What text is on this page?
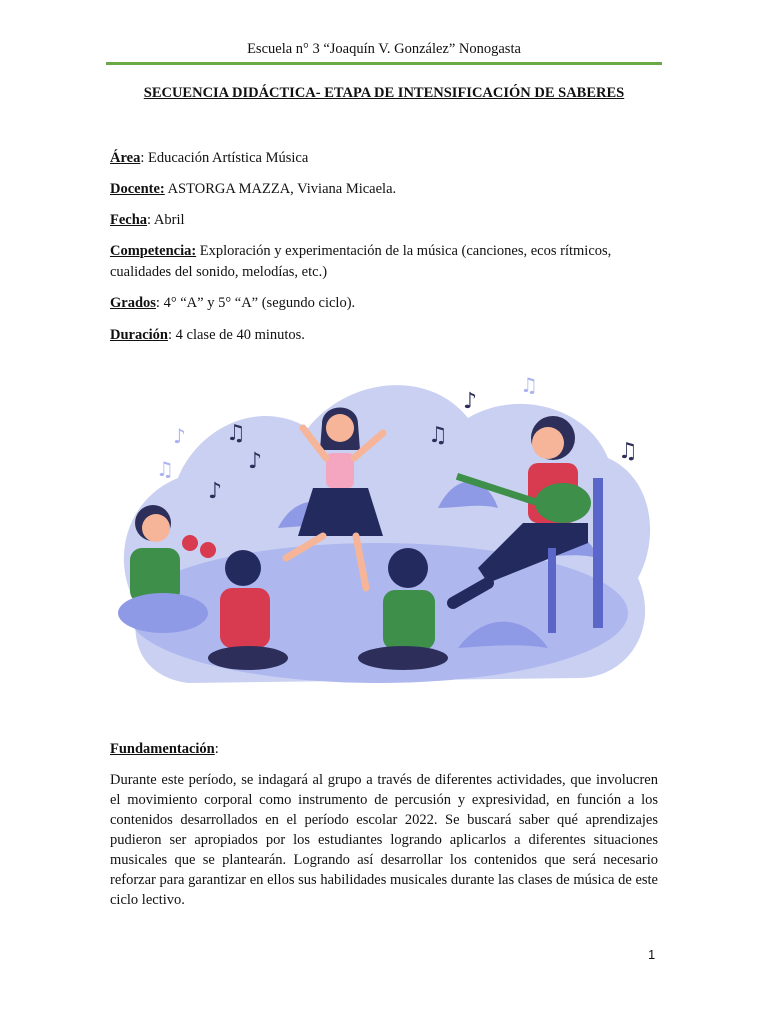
Escuela n° 3 “Joaquín V. González” Nonogasta
SECUENCIA DIDÁCTICA- ETAPA DE INTENSIFICACIÓN DE SABERES
Área: Educación Artística Música
Docente: ASTORGA MAZZA, Viviana Micaela.
Fecha: Abril
Competencia: Exploración y experimentación de la música (canciones, ecos rítmicos, cualidades del sonido, melodías, etc.)
Grados: 4° “A” y 5° “A” (segundo ciclo).
Duración: 4 clase de 40 minutos.
♫
♪
♪
♫
♪
♫
♪
♫
♫
Fundamentación:
Durante este período, se indagará al grupo a través de diferentes actividades, que involucren el movimiento corporal como instrumento de percusión y expresividad, en función a los contenidos desarrollados en el período escolar 2022. Se buscará saber qué aprendizajes pudieron ser apropiados por los estudiantes logrando aplicarlos a diferentes situaciones musicales que se plantearán. Logrando así desarrollar los contenidos que será necesario reforzar para garantizar en ellos sus habilidades musicales durante las clases de música de este ciclo lectivo.
1
